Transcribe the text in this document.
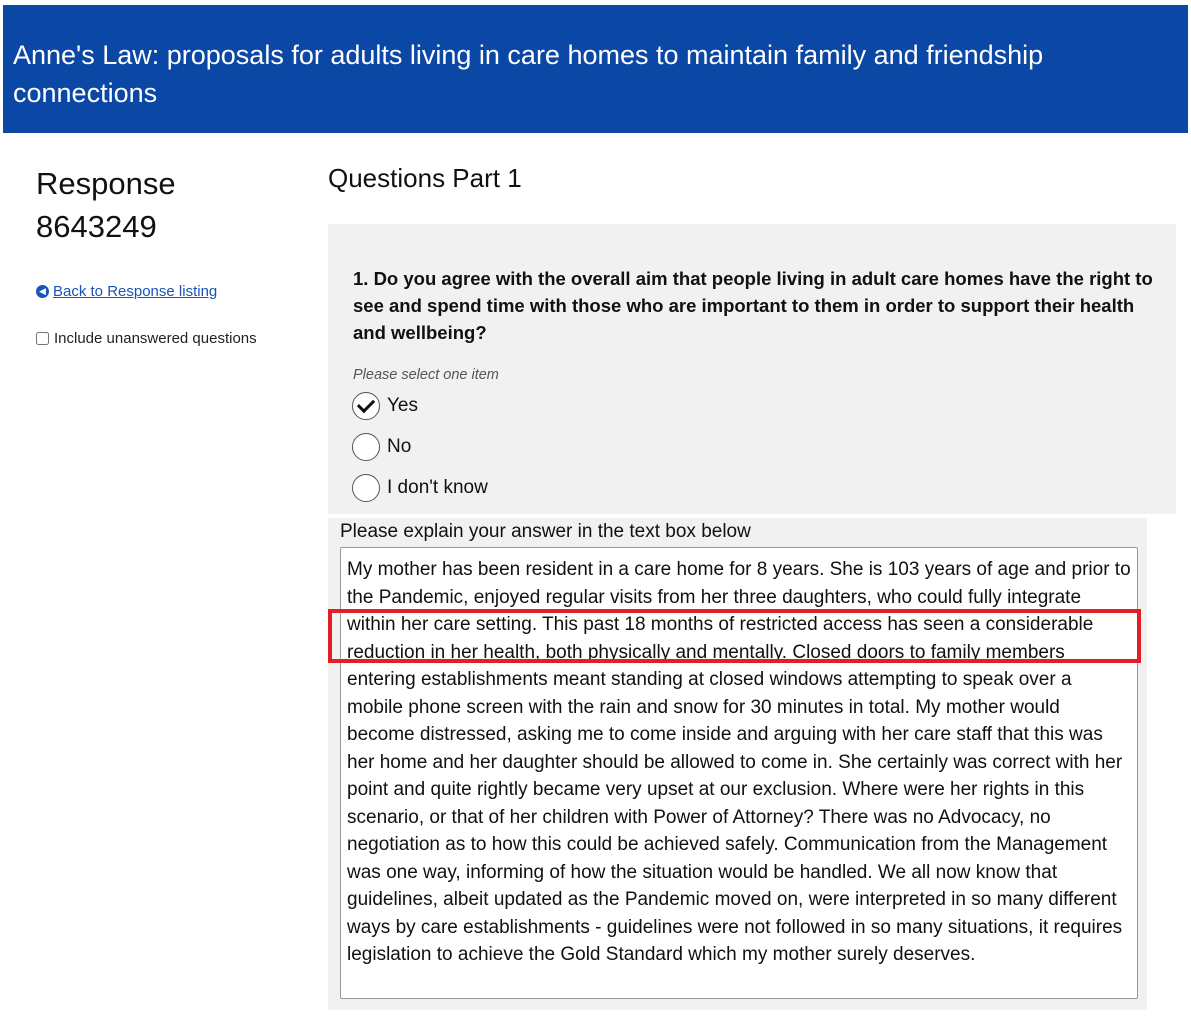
Anne's Law: proposals for adults living in care homes to maintain family and friendship connections
Response
8643249
◀ Back to Response listing
Include unanswered questions
Questions Part 1

1. Do you agree with the overall aim that people living in adult care homes have the right to see and spend time with those who are important to them in order to support their health and wellbeing?

Please select one item
Yes
No
I don't know
Please explain your answer in the text box below
My mother has been resident in a care home for 8 years. She is 103 years of age and prior to the Pandemic, enjoyed regular visits from her three daughters, who could fully integrate within her care setting. This past 18 months of restricted access has seen a considerable reduction in her health, both physically and mentally. Closed doors to family members entering establishments meant standing at closed windows attempting to speak over a mobile phone screen with the rain and snow for 30 minutes in total. My mother would become distressed, asking me to come inside and arguing with her care staff that this was her home and her daughter should be allowed to come in. She certainly was correct with her point and quite rightly became very upset at our exclusion. Where were her rights in this scenario, or that of her children with Power of Attorney? There was no Advocacy, no negotiation as to how this could be achieved safely. Communication from the Management was one way, informing of how the situation would be handled. We all now know that guidelines, albeit updated as the Pandemic moved on, were interpreted in so many different ways by care establishments - guidelines were not followed in so many situations, it requires legislation to achieve the Gold Standard which my mother surely deserves.
